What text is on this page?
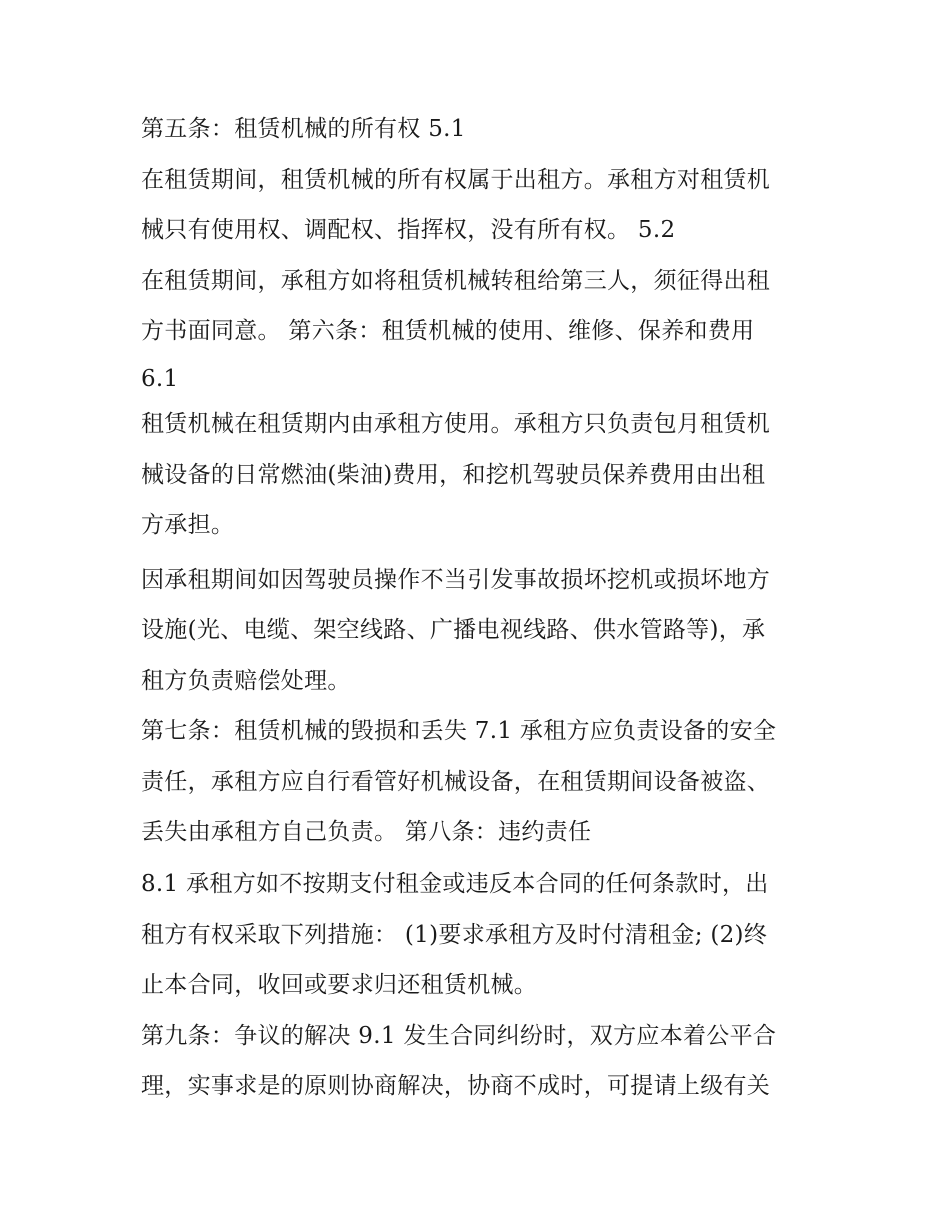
第五条：租赁机械的所有权 5.1
在租赁期间，租赁机械的所有权属于出租方。承租方对租赁机
械只有使用权、调配权、指挥权，没有所有权。 5.2
在租赁期间，承租方如将租赁机械转租给第三人，须征得出租
方书面同意。 第六条：租赁机械的使用、维修、保养和费用
6.1
租赁机械在租赁期内由承租方使用。承租方只负责包月租赁机
械设备的日常燃油(柴油)费用，和挖机驾驶员保养费用由出租
方承担。
因承租期间如因驾驶员操作不当引发事故损坏挖机或损坏地方
设施(光、电缆、架空线路、广播电视线路、供水管路等)，承
租方负责赔偿处理。
第七条：租赁机械的毁损和丢失 7.1 承租方应负责设备的安全
责任，承租方应自行看管好机械设备，在租赁期间设备被盗、
丢失由承租方自己负责。 第八条：违约责任
8.1 承租方如不按期支付租金或违反本合同的任何条款时，出
租方有权采取下列措施： (1)要求承租方及时付清租金; (2)终
止本合同，收回或要求归还租赁机械。
第九条：争议的解决 9.1 发生合同纠纷时，双方应本着公平合
理，实事求是的原则协商解决，协商不成时，可提请上级有关
